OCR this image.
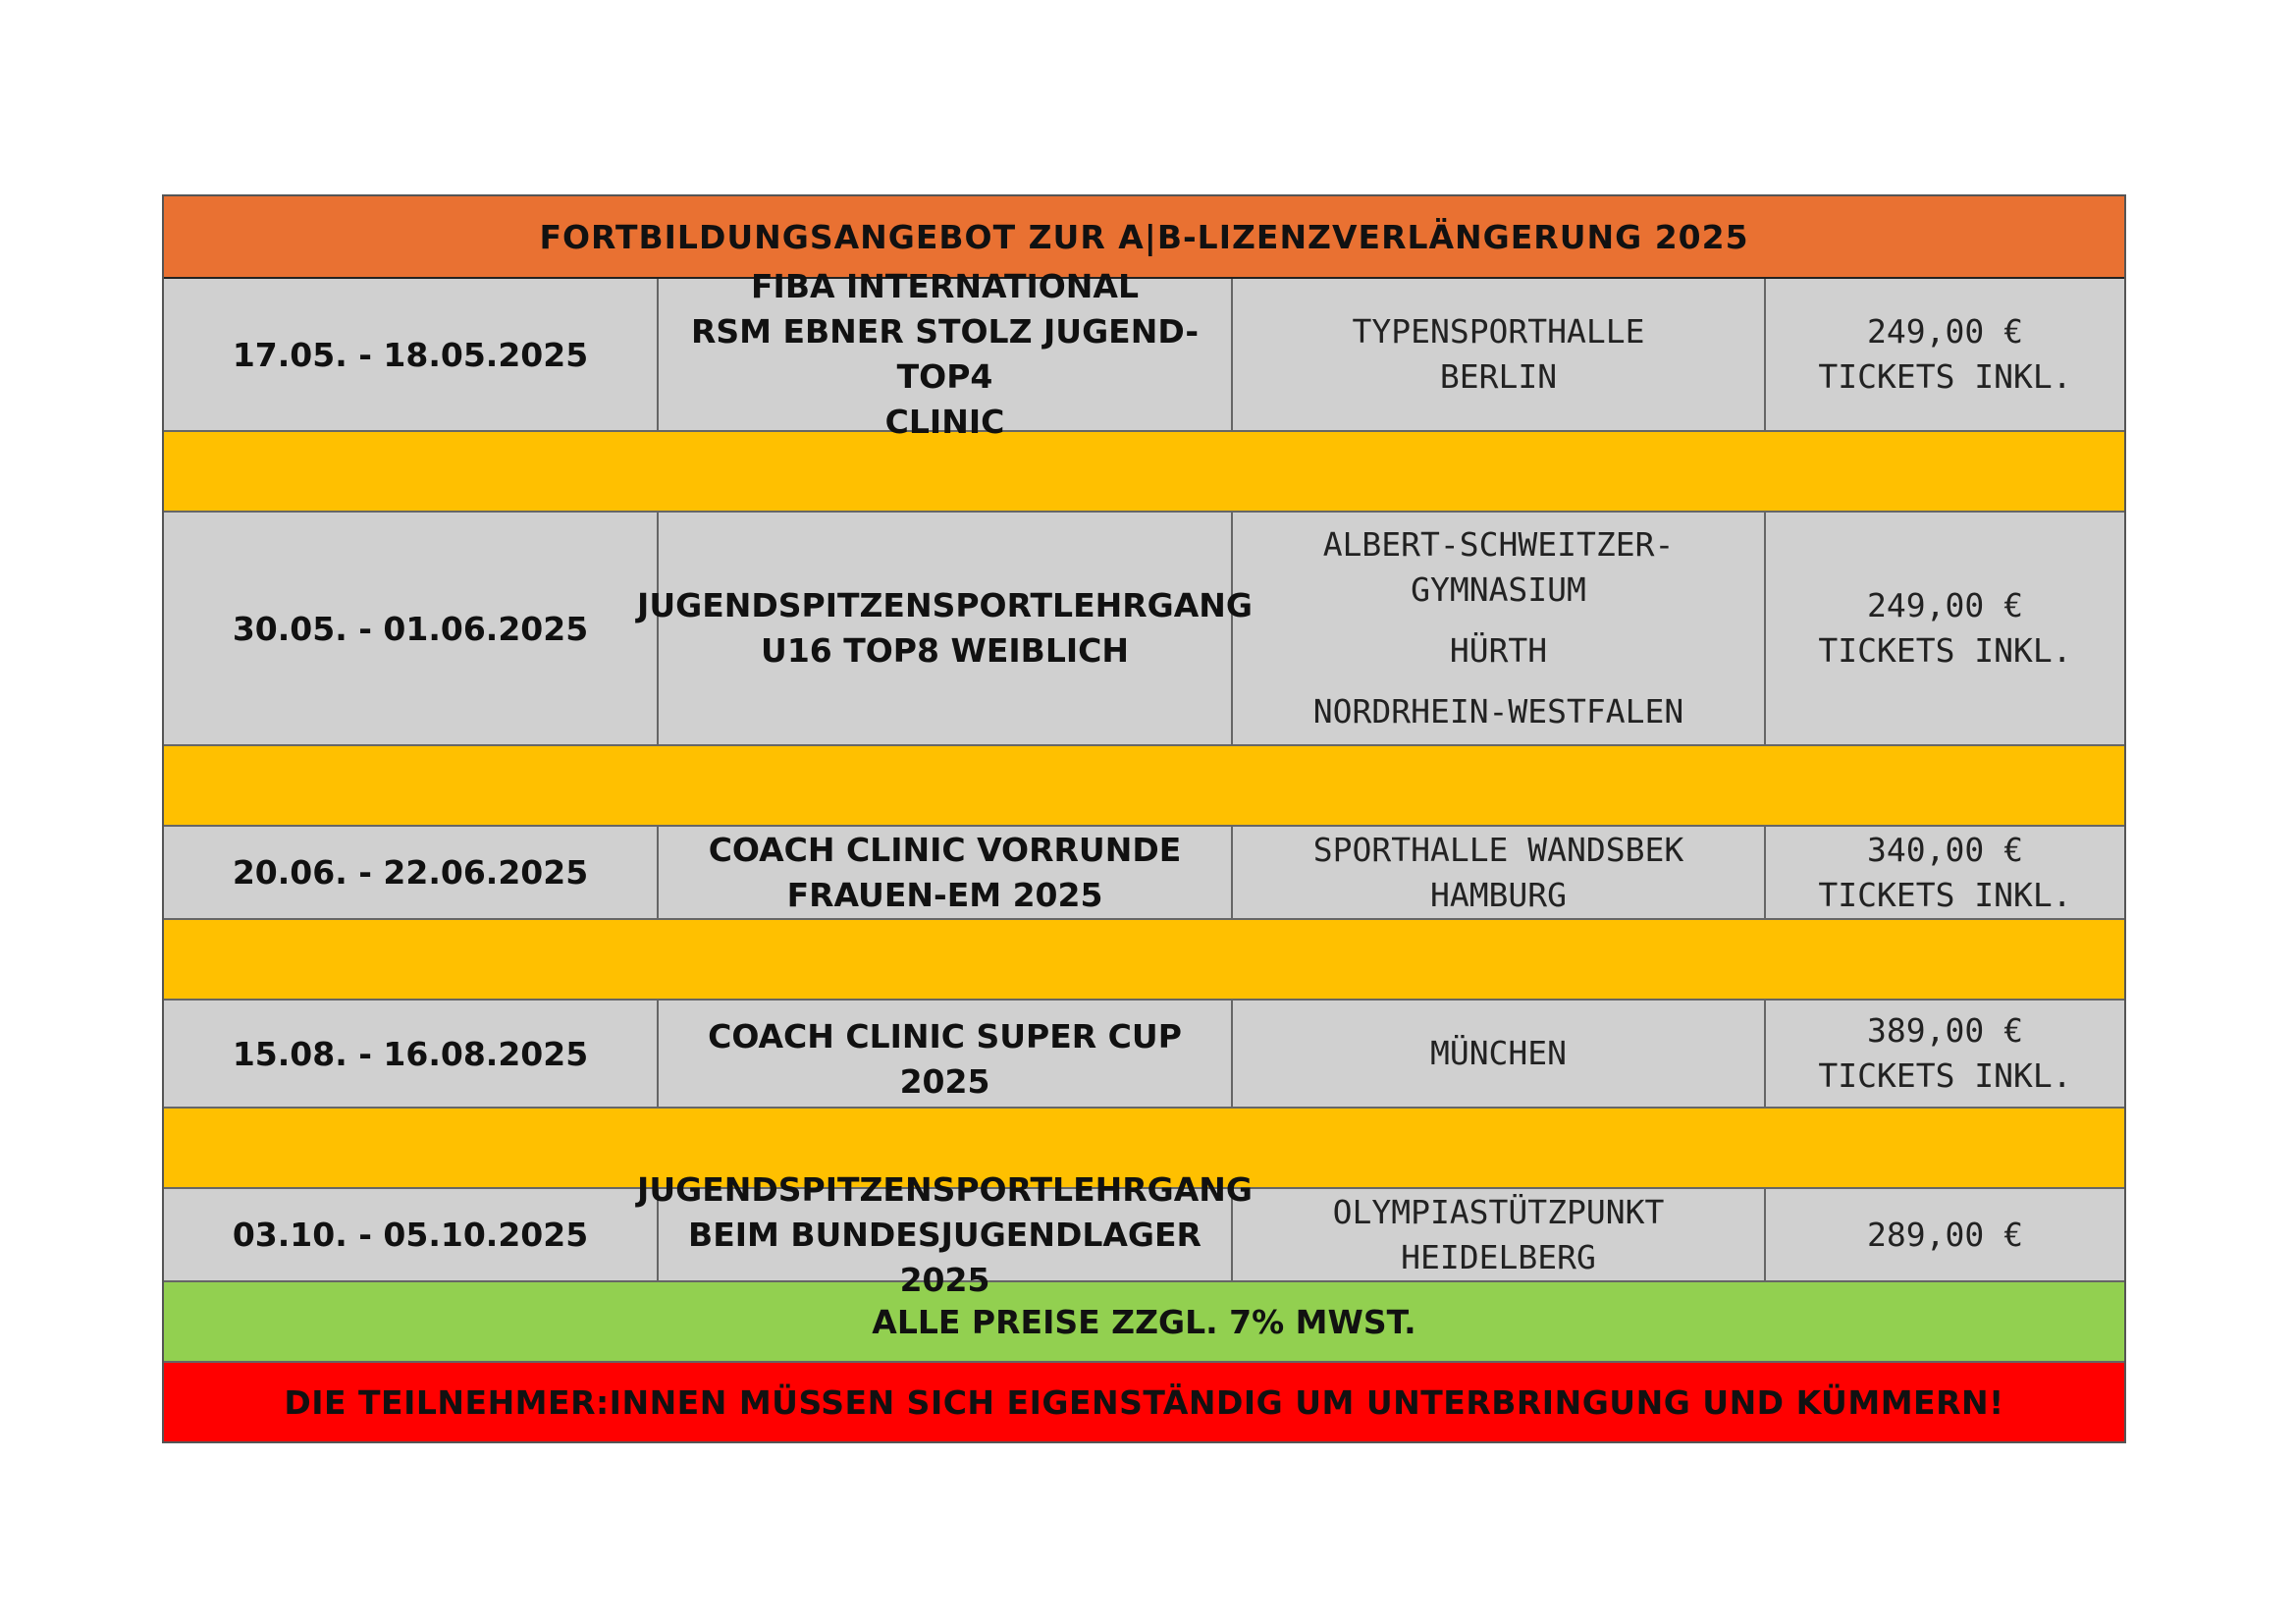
FORTBILDUNGSANGEBOT ZUR A|B-LIZENZVERLÄNGERUNG 2025
17.05. - 18.05.2025
FIBA INTERNATIONAL
RSM EBNER STOLZ JUGEND-TOP4
CLINIC
TYPENSPORTHALLE
BERLIN
249,00 €
TICKETS INKL.
30.05. - 01.06.2025
JUGENDSPITZENSPORTLEHRGANG
U16 TOP8 WEIBLICH
ALBERT-SCHWEITZER-
GYMNASIUM
HÜRTH
NORDRHEIN-WESTFALEN
249,00 €
TICKETS INKL.
20.06. - 22.06.2025
COACH CLINIC VORRUNDE
FRAUEN-EM 2025
SPORTHALLE WANDSBEK
HAMBURG
340,00 €
TICKETS INKL.
15.08. - 16.08.2025	COACH CLINIC SUPER CUP 2025
MÜNCHEN
389,00 €
TICKETS INKL.
03.10. - 05.10.2025
JUGENDSPITZENSPORTLEHRGANG
BEIM BUNDESJUGENDLAGER 2025
OLYMPIASTÜTZPUNKT
HEIDELBERG
289,00 €
ALLE PREISE ZZGL. 7% MWST.
DIE TEILNEHMER:INNEN MÜSSEN SICH EIGENSTÄNDIG UM UNTERBRINGUNG UND KÜMMERN!
